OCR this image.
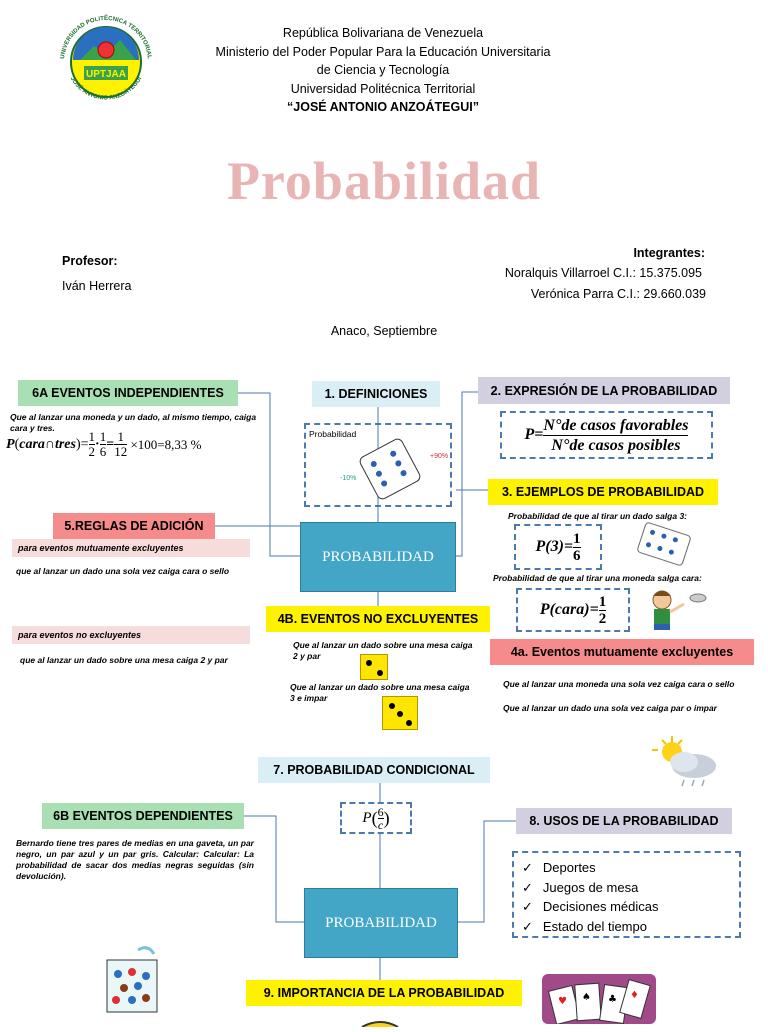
UPTJAA
UNIVERSIDAD POLITÉCNICA TERRITORIAL
JOSÉ ANTONIO ANZOÁTEGUI
República Bolivariana de Venezuela
Ministerio del Poder Popular Para la Educación Universitaria
de Ciencia y Tecnología
Universidad Politécnica Territorial
“JOSÉ ANTONIO ANZOÁTEGUI”
Probabilidad
Profesor:
Iván Herrera
Integrantes:
Noralquis Villarroel C.I.: 15.375.095
Verónica Parra C.I.: 29.660.039
Anaco, Septiembre
6A EVENTOS INDEPENDIENTES
Que al lanzar una moneda y un dado, al mismo tiempo, caiga cara y tres.
P ( cara ∩ tres )= $\frac{1}{2} \cdot \frac{1}{6} = \frac{1}{12} \times 100=8,33$ %
1. DEFINICIONES
Probabilidad
+90%
-10%
2. EXPRESIÓN DE LA PROBABILIDAD
P=
N°de casos favorables
N°de casos posibles
3. EJEMPLOS DE PROBABILIDAD
Probabilidad de que al tirar un dado salga 3:
$P(3)= \frac{1}{6}$
Probabilidad de que al tirar una moneda salga cara:
P(cara)= $\frac{1}{2}$
5.REGLAS DE ADICIÓN
para eventos mutuamente excluyentes
que al lanzar un dado una sola vez caiga cara o sello
para eventos no excluyentes
que al lanzar un dado sobre una mesa caiga 2 y par
PROBABILIDAD
4B. EVENTOS NO EXCLUYENTES
Que al lanzar un dado sobre una mesa caiga 2 y par
Que al lanzar un dado sobre una mesa caiga 3 e impar
4a. Eventos mutuamente excluyentes
Que al lanzar una moneda una sola vez caiga cara o sello
Que al lanzar un dado una sola vez caiga par o impar
7. PROBABILIDAD CONDICIONAL
P ( $\frac{6}{c}$ )
6B EVENTOS DEPENDIENTES
Bernardo tiene tres pares de medias en una gaveta, un par negro, un par azul y un par gris. Calcular: Calcular: La probabilidad de sacar dos medias negras seguidas (sin devolución).
8. USOS DE LA PROBABILIDAD
✓ Deportes
✓ Juegos de mesa
✓ Decisiones médicas
✓ Estado del tiempo
PROBABILIDAD
9. IMPORTANCIA DE LA PROBABILIDAD
♥ ♠ ♣ ♦
